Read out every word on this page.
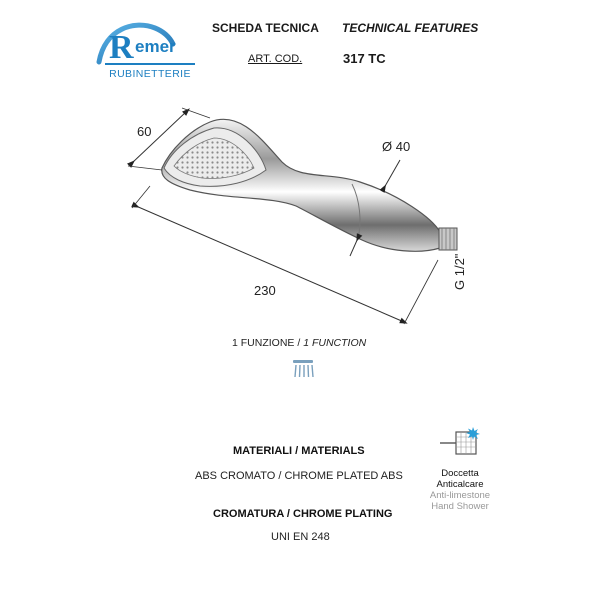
R emer
RUBINETTERIE
SCHEDA TECNICA TECHNICAL FEATURES
ART. COD.	317 TC
60
Ø 40
230
G 1/2"
1 FUNZIONE / 1 FUNCTION
MATERIALI / MATERIALS
ABS CROMATO / CHROME PLATED ABS
CROMATURA / CHROME PLATING
UNI EN 248
Doccetta
Anticalcare
Anti-limestone
Hand Shower
